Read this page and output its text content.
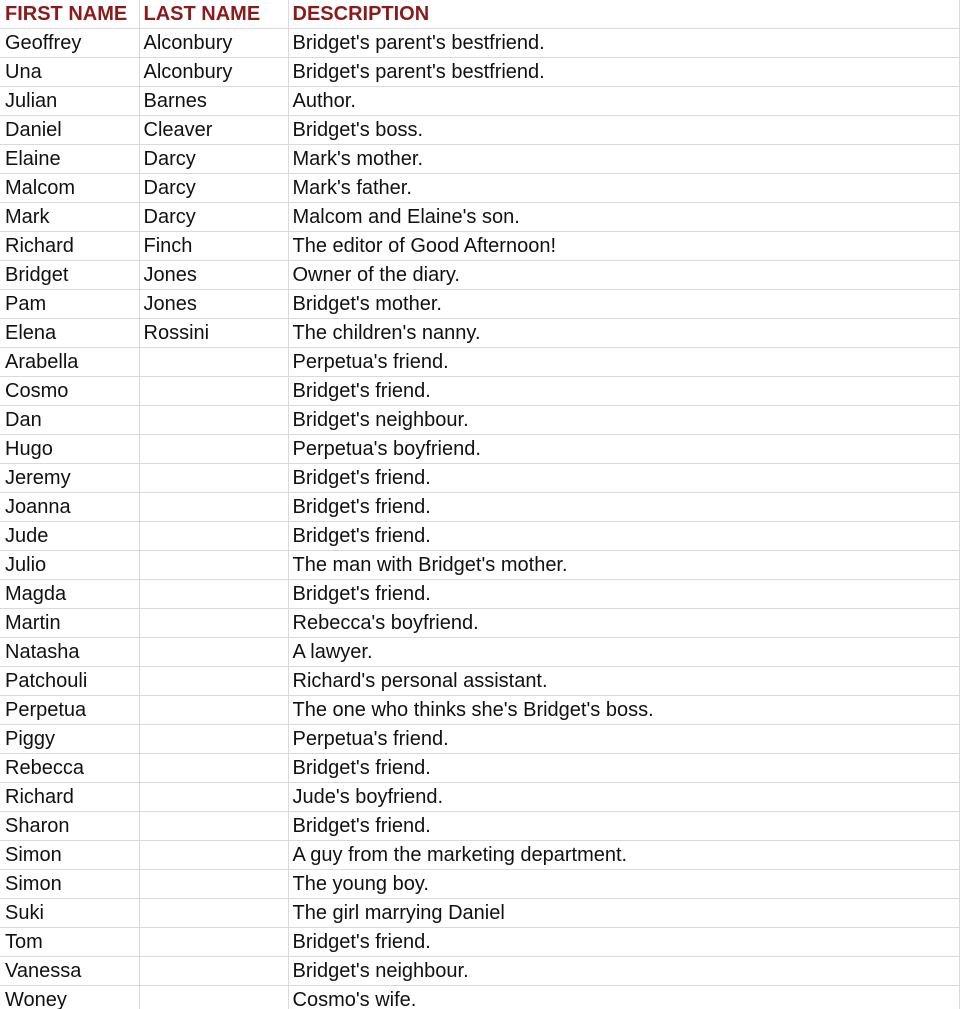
FIRST NAME	LAST NAME	DESCRIPTION
Geoffrey	Alconbury	Bridget's parent's bestfriend.
Una	Alconbury	Bridget's parent's bestfriend.
Julian	Barnes	Author.
Daniel	Cleaver	Bridget's boss.
Elaine	Darcy	Mark's mother.
Malcom	Darcy	Mark's father.
Mark	Darcy	Malcom and Elaine's son.
Richard	Finch	The editor of Good Afternoon!
Bridget	Jones	Owner of the diary.
Pam	Jones	Bridget's mother.
Elena	Rossini	The children's nanny.
Arabella		Perpetua's friend.
Cosmo		Bridget's friend.
Dan		Bridget's neighbour.
Hugo		Perpetua's boyfriend.
Jeremy		Bridget's friend.
Joanna		Bridget's friend.
Jude		Bridget's friend.
Julio		The man with Bridget's mother.
Magda		Bridget's friend.
Martin		Rebecca's boyfriend.
Natasha		A lawyer.
Patchouli		Richard's personal assistant.
Perpetua		The one who thinks she's Bridget's boss.
Piggy		Perpetua's friend.
Rebecca		Bridget's friend.
Richard		Jude's boyfriend.
Sharon		Bridget's friend.
Simon		A guy from the marketing department.
Simon		The young boy.
Suki		The girl marrying Daniel
Tom		Bridget's friend.
Vanessa		Bridget's neighbour.
Woney		Cosmo's wife.
